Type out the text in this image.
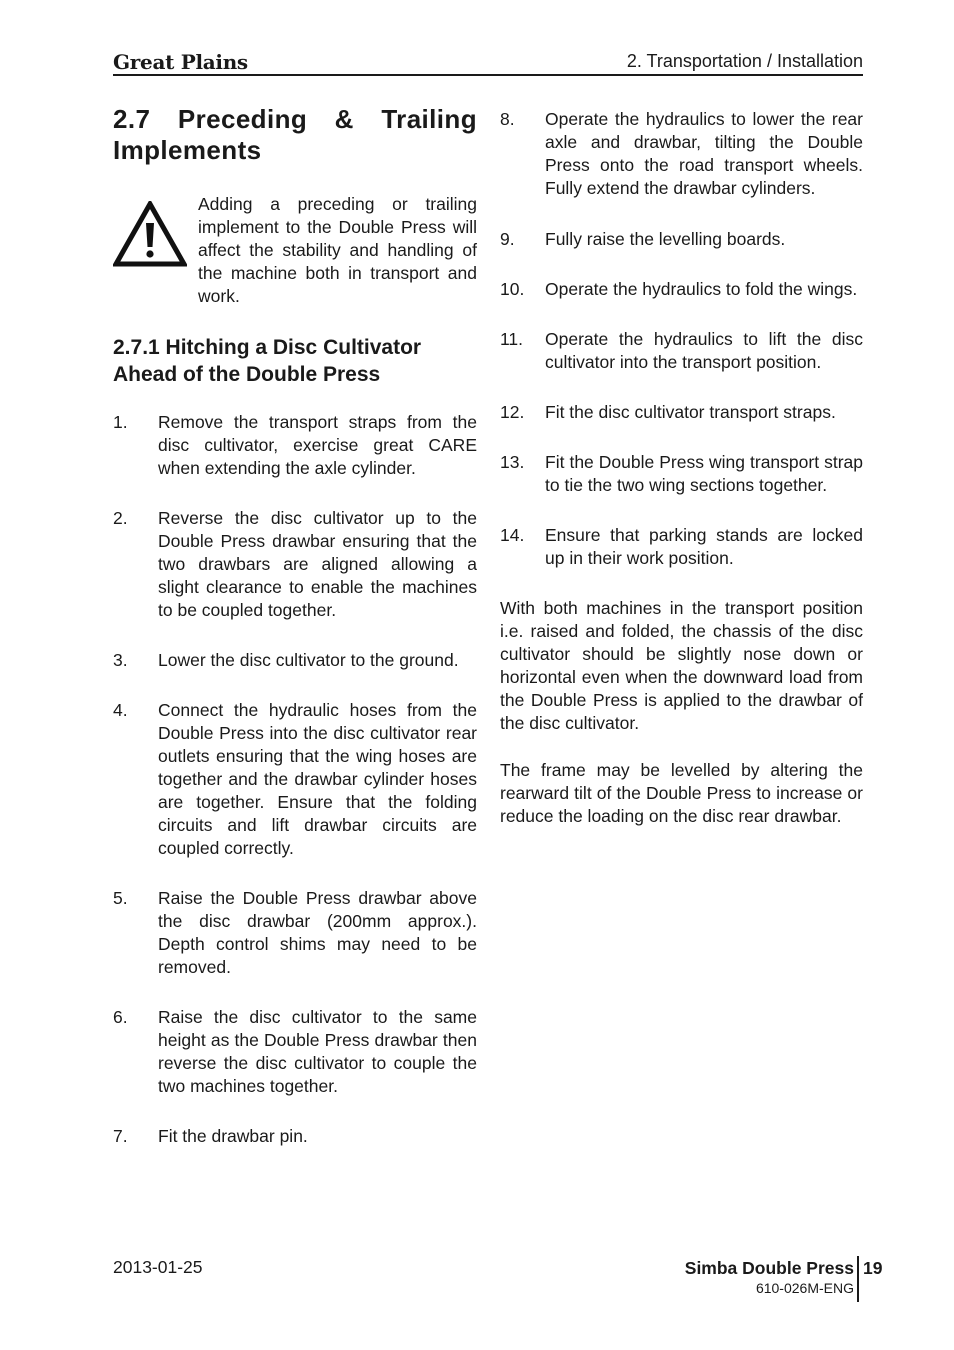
Great Plains	2. Transportation / Installation
2.7 Preceding & Trailing Implements
Adding a preceding or trailing implement to the Double Press will affect the stability and handling of the machine both in transport and work.
2.7.1 Hitching a Disc Cultivator Ahead of the Double Press
1. Remove the transport straps from the disc cultivator, exercise great CARE when extending the axle cylinder.
2. Reverse the disc cultivator up to the Double Press drawbar ensuring that the two drawbars are aligned allowing a slight clearance to enable the machines to be coupled together.
3. Lower the disc cultivator to the ground.
4. Connect the hydraulic hoses from the Double Press into the disc cultivator rear outlets ensuring that the wing hoses are together and the drawbar cylinder hoses are together. Ensure that the folding circuits and lift drawbar circuits are coupled correctly.
5. Raise the Double Press drawbar above the disc drawbar (200mm approx.). Depth control shims may need to be removed.
6. Raise the disc cultivator to the same height as the Double Press drawbar then reverse the disc cultivator to couple the two machines together.
7. Fit the drawbar pin.
8. Operate the hydraulics to lower the rear axle and drawbar, tilting the Double Press onto the road transport wheels. Fully extend the drawbar cylinders.
9. Fully raise the levelling boards.
10. Operate the hydraulics to fold the wings.
11. Operate the hydraulics to lift the disc cultivator into the transport position.
12. Fit the disc cultivator transport straps.
13. Fit the Double Press wing transport strap to tie the two wing sections together.
14. Ensure that parking stands are locked up in their work position.

With both machines in the transport position i.e. raised and folded, the chassis of the disc cultivator should be slightly nose down or horizontal even when the downward load from the Double Press is applied to the drawbar of the disc cultivator.

The frame may be levelled by altering the rearward tilt of the Double Press to increase or reduce the loading on the disc rear drawbar.

2013-01-25	Simba Double Press
610-026M-ENG
19
